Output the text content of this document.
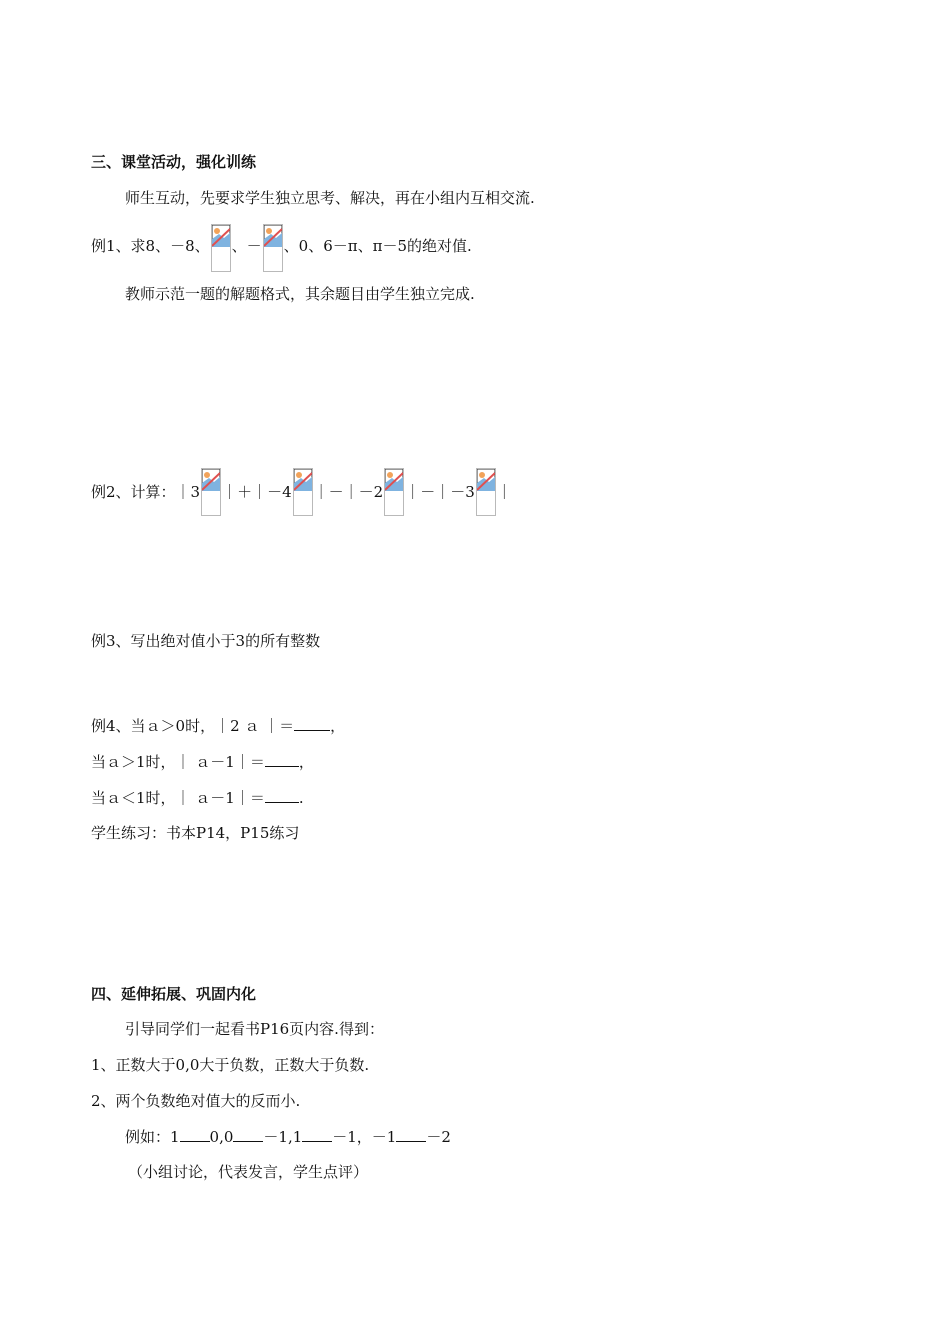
三、课堂活动，强化训练
师生互动，先要求学生独立思考、解决，再在小组内互相交流.
例1、求8、－8、 、－ 、0、6－π、π－5的绝对值.
教师示范一题的解题格式，其余题目由学生独立完成.
例2、计算：｜3 ｜＋｜－4 ｜－｜－2 ｜－｜－3 ｜
例3、写出绝对值小于3的所有整数
例4、当ａ＞0时，｜2 ａ ｜＝ ，
当ａ＞1时，｜ ａ－1｜＝ ，
当ａ＜1时，｜ ａ－1｜＝ .
学生练习：书本P14，P15练习
四、延伸拓展、巩固内化
引导同学们一起看书P16页内容.得到：
1、正数大于0,0大于负数，正数大于负数.
2、两个负数绝对值大的反而小.
例如：1 0,0 －1,1 －1，－1 －2
（小组讨论，代表发言，学生点评）
